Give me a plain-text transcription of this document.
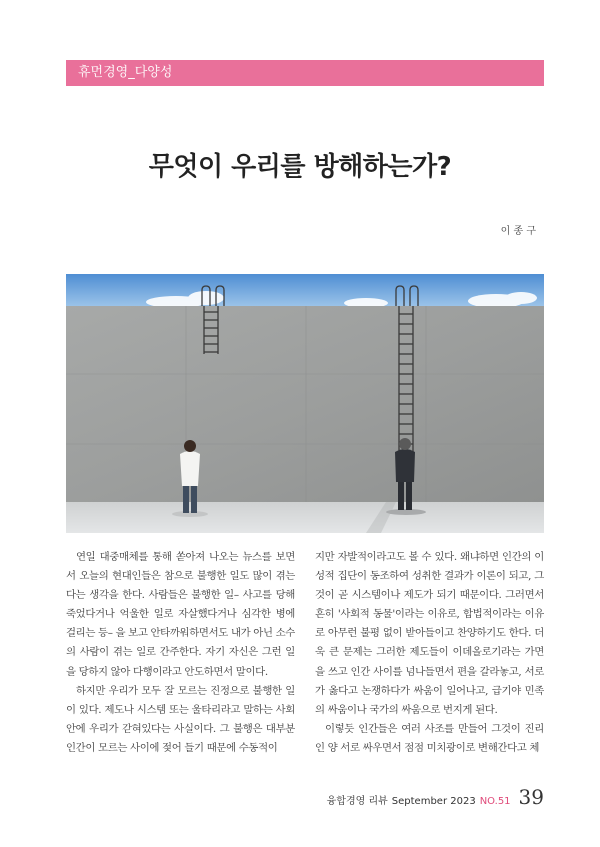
휴먼경영_다양성
무엇이 우리를 방해하는가?
이 종 구

연일 대중매체를 통해 쏟아져 나오는 뉴스를 보면서 오늘의 현대인들은 참으로 불행한 일도 많이 겪는다는 생각을 한다. 사람들은 불행한 일– 사고를 당해 죽었다거나 억울한 일로 자살했다거나 심각한 병에 걸리는 등– 을 보고 안타까워하면서도 내가 아닌 소수의 사람이 겪는 일로 간주한다. 자기 자신은 그런 일을 당하지 않아 다행이라고 안도하면서 말이다.

하지만 우리가 모두 잘 모르는 진정으로 불행한 일이 있다. 제도나 시스템 또는 울타리라고 말하는 사회 안에 우리가 갇혀있다는 사실이다. 그 불행은 대부분 인간이 모르는 사이에 젖어 들기 때문에 수동적이

지만 자발적이라고도 볼 수 있다. 왜냐하면 인간의 이성적 집단이 동조하여 성취한 결과가 이론이 되고, 그것이 곧 시스템이나 제도가 되기 때문이다. 그러면서 흔히 '사회적 동물'이라는 이유로, 합법적이라는 이유로 아무런 불평 없이 받아들이고 찬양하기도 한다. 더욱 큰 문제는 그러한 제도들이 이데올로기라는 가면을 쓰고 인간 사이를 넘나들면서 편을 갈라놓고, 서로가 옳다고 논쟁하다가 싸움이 일어나고, 급기야 민족의 싸움이나 국가의 싸움으로 번지게 된다.

이렇듯 인간들은 여러 사조를 만들어 그것이 진리인 양 서로 싸우면서 점점 미치광이로 변해간다고 체

융합경영 리뷰 September 2023 NO.51 39
